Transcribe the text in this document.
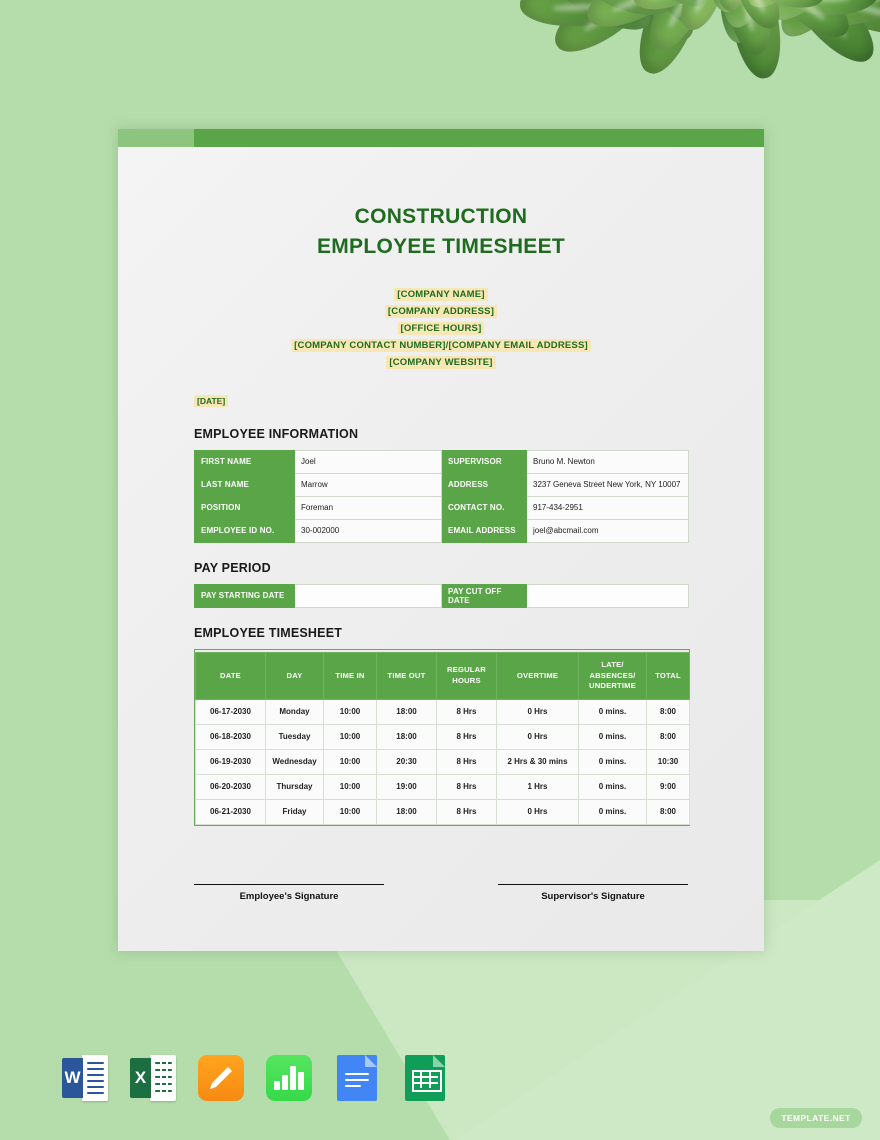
CONSTRUCTION
EMPLOYEE TIMESHEET
[COMPANY NAME]
[COMPANY ADDRESS]
[OFFICE HOURS]
[COMPANY CONTACT NUMBER]/[COMPANY EMAIL ADDRESS]
[COMPANY WEBSITE]
[DATE]
EMPLOYEE INFORMATION
FIRST NAME	Joel	SUPERVISOR	Bruno M. Newton
LAST NAME	Marrow	ADDRESS	3237 Geneva Street New York, NY 10007
POSITION	Foreman	CONTACT NO.	917-434-2951
EMPLOYEE ID NO.	30-002000	EMAIL ADDRESS	joel@abcmail.com
PAY PERIOD
PAY STARTING DATE		PAY CUT OFF DATE	
EMPLOYEE TIMESHEET
DATE	DAY	TIME IN	TIME OUT	REGULAR HOURS	OVERTIME	LATE/ ABSENCES/ UNDERTIME	TOTAL
06-17-2030	Monday	10:00	18:00	8 Hrs	0 Hrs	0 mins.	8:00
06-18-2030	Tuesday	10:00	18:00	8 Hrs	0 Hrs	0 mins.	8:00
06-19-2030	Wednesday	10:00	20:30	8 Hrs	2 Hrs & 30 mins	0 mins.	10:30
06-20-2030	Thursday	10:00	19:00	8 Hrs	1 Hrs	0 mins.	9:00
06-21-2030	Friday	10:00	18:00	8 Hrs	0 Hrs	0 mins.	8:00
Employee's Signature	Supervisor's Signature
W	X
TEMPLATE.NET
